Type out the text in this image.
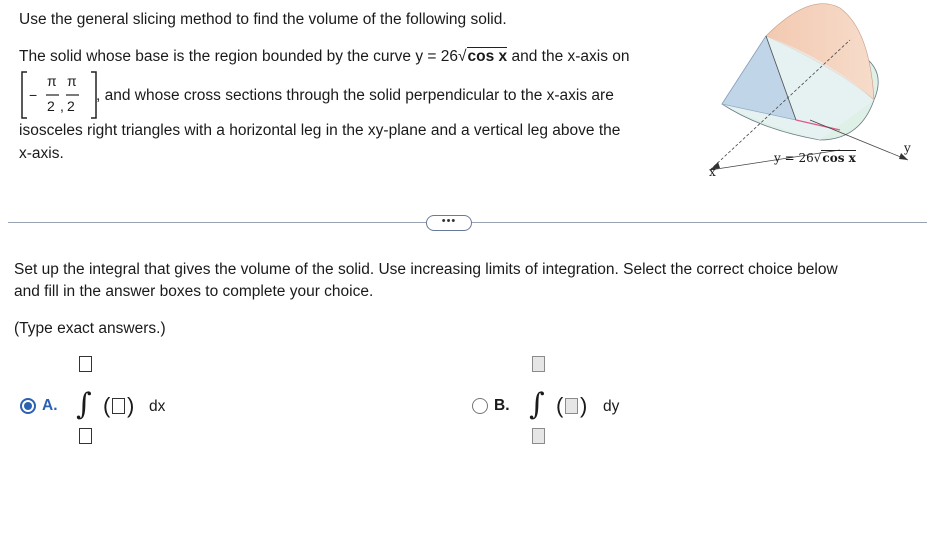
Use the general slicing method to find the volume of the following solid.
The solid whose base is the region bounded by the curve y = 26√cos x and the x-axis on
−
π
2 ,
π
2
, and whose cross sections through the solid perpendicular to the x-axis are
isosceles right triangles with a horizontal leg in the xy-plane and a vertical leg above the
x-axis.	y
x
y = 26√cos x
•••
Set up the integral that gives the volume of the solid. Use increasing limits of integration. Select the correct choice below
and fill in the answer boxes to complete your choice.
(Type exact answers.)
A. ∫ ( ) dx	B. ∫ ( ) dy
